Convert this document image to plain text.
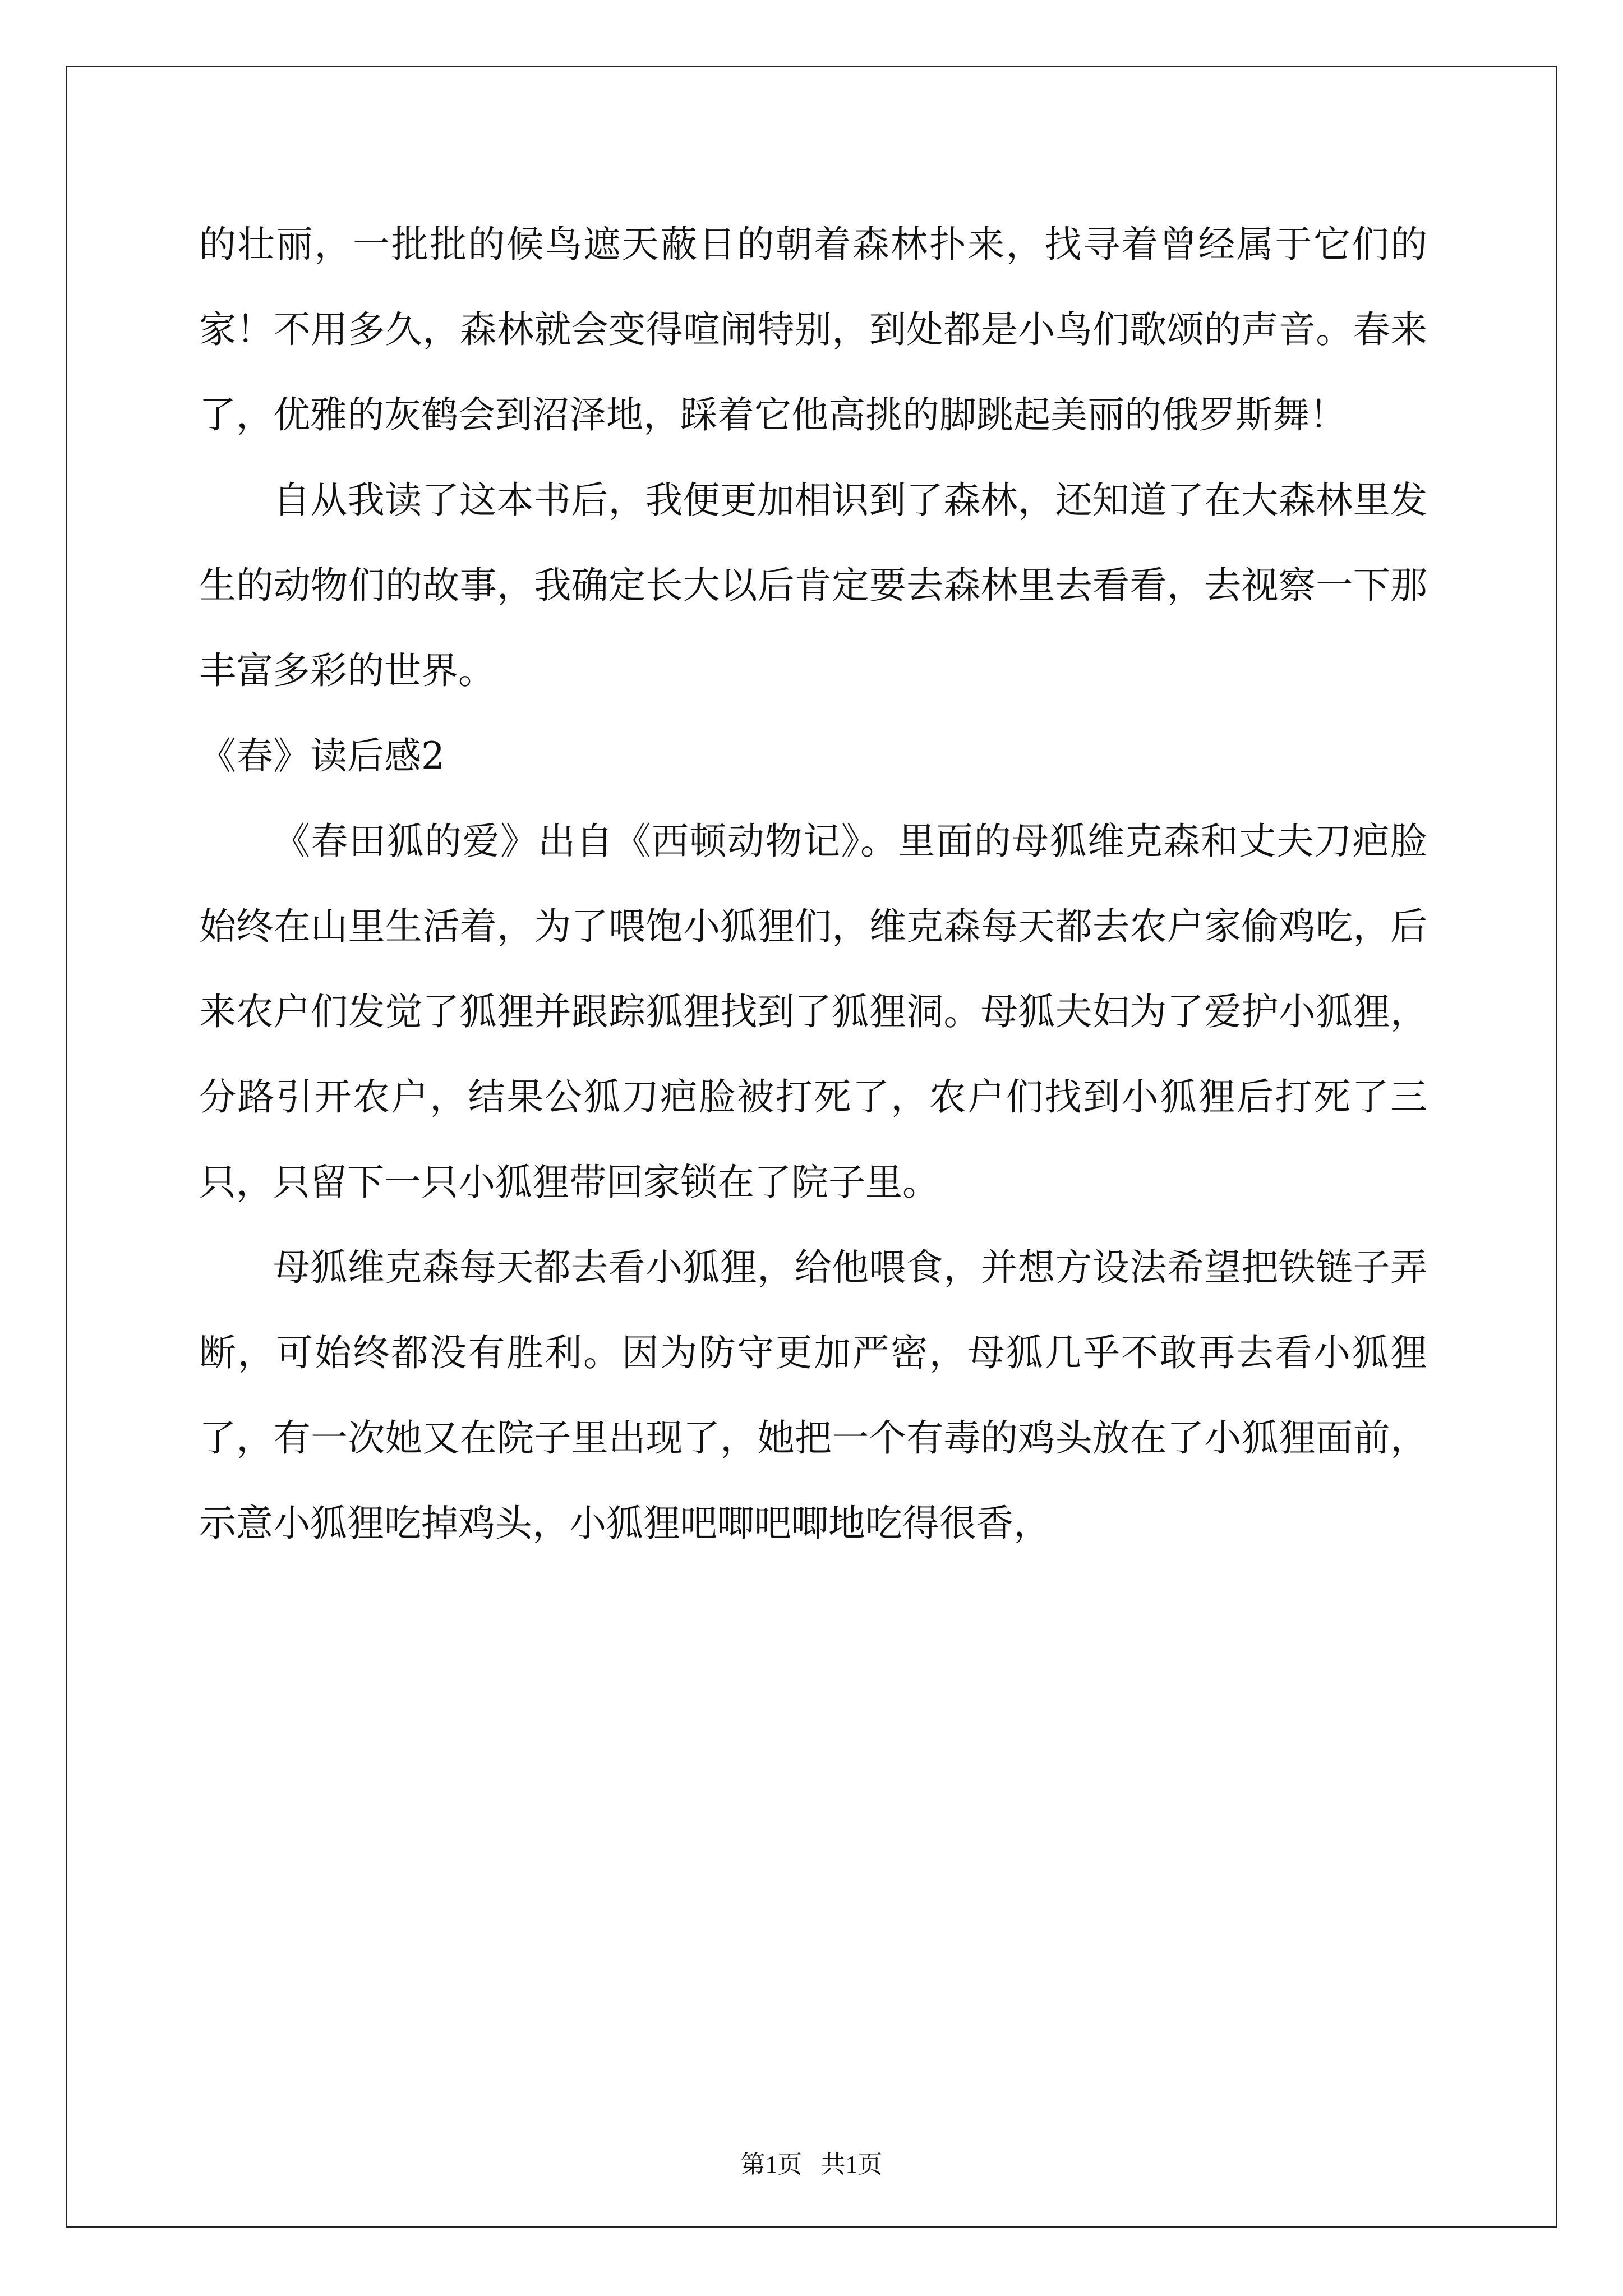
的壮丽，一批批的候鸟遮天蔽日的朝着森林扑来，找寻着曾经属于它们的家！不用多久，森林就会变得喧闹特别，到处都是小鸟们歌颂的声音。春来了，优雅的灰鹤会到沼泽地，踩着它他高挑的脚跳起美丽的俄罗斯舞！

自从我读了这本书后，我便更加相识到了森林，还知道了在大森林里发生的动物们的故事，我确定长大以后肯定要去森林里去看看，去视察一下那丰富多彩的世界。

《春》读后感2

《春田狐的爱》出自《西顿动物记》。里面的母狐维克森和丈夫刀疤脸始终在山里生活着，为了喂饱小狐狸们，维克森每天都去农户家偷鸡吃，后来农户们发觉了狐狸并跟踪狐狸找到了狐狸洞。母狐夫妇为了爱护小狐狸，分路引开农户，结果公狐刀疤脸被打死了，农户们找到小狐狸后打死了三只，只留下一只小狐狸带回家锁在了院子里。

母狐维克森每天都去看小狐狸，给他喂食，并想方设法希望把铁链子弄断，可始终都没有胜利。因为防守更加严密，母狐几乎不敢再去看小狐狸了，有一次她又在院子里出现了，她把一个有毒的鸡头放在了小狐狸面前，示意小狐狸吃掉鸡头，小狐狸吧唧吧唧地吃得很香，

第1页 共1页
